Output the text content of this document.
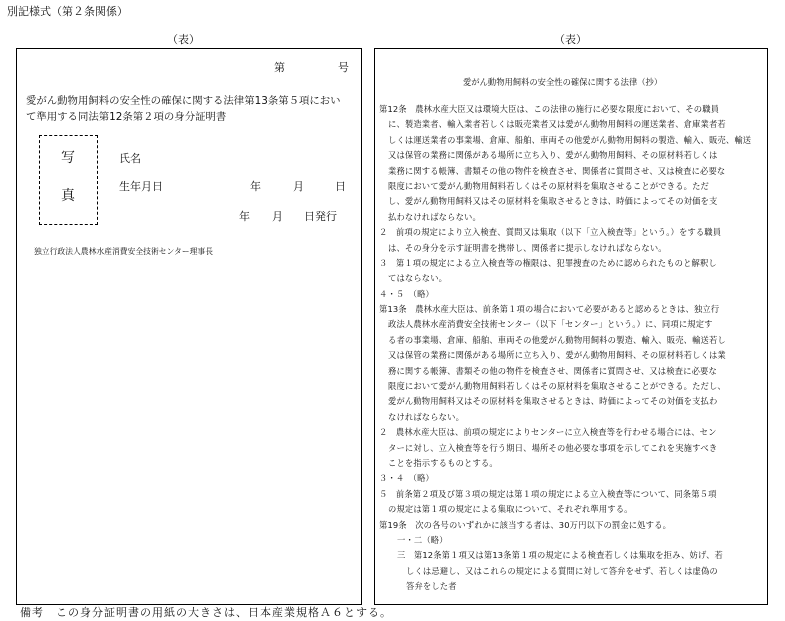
別記様式（第２条関係）
（表）
第	号
愛がん動物用飼料の安全性の確保に関する法律第13条第５項におい
て準用する同法第12条第２項の身分証明書
写
真
氏名
生年月日	年	月	日
年 月 日発行
独立行政法人農林水産消費安全技術センター理事長
（表）
愛がん動物用飼料の安全性の確保に関する法律（抄）
第12条　農林水産大臣又は環境大臣は、この法律の施行に必要な限度において、その職員
に、製造業者、輸入業者若しくは販売業者又は愛がん動物用飼料の運送業者、倉庫業者若
しくは運送業者の事業場、倉庫、船舶、車両その他愛がん動物用飼料の製造、輸入、販売、輸送
又は保管の業務に関係がある場所に立ち入り、愛がん動物用飼料、その原材料若しくは
業務に関する帳簿、書類その他の物件を検査させ、関係者に質問させ、又は検査に必要な
限度において愛がん動物用飼料若しくはその原材料を集取させることができる。ただ
し、愛がん動物用飼料又はその原材料を集取させるときは、時価によってその対価を支
払わなければならない。
２　前項の規定により立入検査、質問又は集取（以下「立入検査等」という。）をする職員
は、その身分を示す証明書を携帯し、関係者に提示しなければならない。
３　第１項の規定による立入検査等の権限は、犯罪捜査のために認められたものと解釈し
てはならない。
４・５　（略）
第13条　農林水産大臣は、前条第１項の場合において必要があると認めるときは、独立行
政法人農林水産消費安全技術センター（以下「センター」という。）に、同項に規定す
る者の事業場、倉庫、船舶、車両その他愛がん動物用飼料の製造、輸入、販売、輸送若し
又は保管の業務に関係がある場所に立ち入り、愛がん動物用飼料、その原材料若しくは業
務に関する帳簿、書類その他の物件を検査させ、関係者に質問させ、又は検査に必要な
限度において愛がん動物用飼料若しくはその原材料を集取させることができる。ただし、
愛がん動物用飼料又はその原材料を集取させるときは、時価によってその対価を支払わ
なければならない。
２　農林水産大臣は、前項の規定によりセンターに立入検査等を行わせる場合には、セン
ターに対し、立入検査等を行う期日、場所その他必要な事項を示してこれを実施すべき
ことを指示するものとする。
３・４　（略）
５　前条第２項及び第３項の規定は第１項の規定による立入検査等について、同条第５項
の規定は第１項の規定による集取について、それぞれ準用する。
第19条　次の各号のいずれかに該当する者は、30万円以下の罰金に処する。
一・二（略）
三　第12条第１項又は第13条第１項の規定による検査若しくは集取を拒み、妨げ、若
しくは忌避し、又はこれらの規定による質問に対して答弁をせず、若しくは虚偽の
答弁をした者
備考　この身分証明書の用紙の大きさは、日本産業規格Ａ６とする。
